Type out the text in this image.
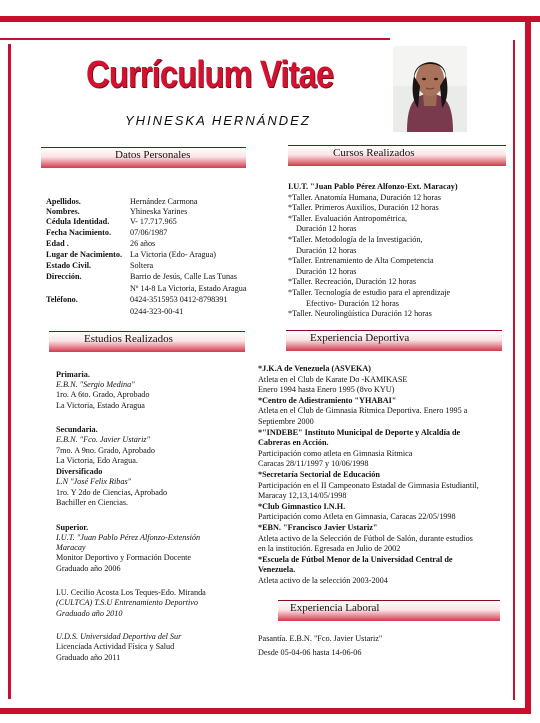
Currículum Vitae
YHINESKA HERNÁNDEZ
Datos Personales
Apellidos.	Hernández Carmona
Nombres.	Yhineska Yarines
Cédula Identidad.	V- 17.717.965
Fecha Nacimiento. 07/06/1987
Edad .	26 años
Lugar de Nacimiento. La Victoria (Edo- Aragua)
Estado Civil.	Soltera
Dirección.	Barrio de Jesús, Calle Las Tunas
Nº 14-8 La Victoria, Estado Aragua
Teléfono.	0424-3515953 0412-8798391
0244-323-00-41
Cursos Realizados
I.U.T. "Juan Pablo Pérez Alfonzo-Ext. Maracay)
*Taller. Anatomía Humana, Duración 12 horas
*Taller. Primeros Auxilios, Duración 12 horas
*Taller. Evaluación Antropométrica,
Duración 12 horas
*Taller. Metodología de la Investigación,
Duración 12 horas
*Taller. Entrenamiento de Alta Competencia
Duración 12 horas
*Taller. Recreación, Duración 12 horas
*Taller. Tecnología de estudio para el aprendizaje
Efectivo- Duración 12 horas
*Taller. Neurolingüística Duración 12 horas
Estudios Realizados
Primaria.
E.B.N. "Sergio Medina"
1ro. A 6to. Grado, Aprobado
La Victoria, Estado Aragua
Secundaria.
E.B.N. "Fco. Javier Ustariz"
7mo. A 9no. Grado, Aprobado
La Victoria, Edo Aragua.
Diversificado
L.N "José Felix Ribas"
1ro. Y 2do de Ciencias, Aprobado
Bachiller en Ciencias.
Superior.
I.U.T. "Juan Pablo Pérez Alfonzo-Extensión
Maracay
Monitor Deportivo y Formación Docente
Graduado año 2006
I.U. Cecilio Acosta Los Teques-Edo. Miranda
(CULTCA) T.S.U Entrenamiento Deportivo
Graduado año 2010
U.D.S. Universidad Deportiva del Sur
Licenciada Actividad Física y Salud
Graduado año 2011
Experiencia Deportiva
*J.K.A de Venezuela (ASVEKA)
Atleta en el Club de Karate Do -KAMIKASE
Enero 1994 hasta Enero 1995 (8vo KYU)
*Centro de Adiestramiento "YHABAI"
Atleta en el Club de Gimnasia Rítmica Deportiva. Enero 1995 a
Septiembre 2000
*"INDEBE" Instituto Municipal de Deporte y Alcaldía de
Cabreras en Acción.
Participación como atleta en Gimnasia Rítmica
Caracas 28/11/1997 y 10/06/1998
*Secretaría Sectorial de Educación
Participación en el II Campeonato Estadal de Gimnasia Estudiantil,
Maracay 12,13,14/05/1998
*Club Gimnastico I.N.H.
Participación como Atleta en Gimnasia, Caracas 22/05/1998
*EBN. "Francisco Javier Ustariz"
Atleta activo de la Selección de Fútbol de Salón, durante estudios
en la institución. Egresada en Julio de 2002
*Escuela de Fútbol Menor de la Universidad Central de
Venezuela.
Atleta activo de la selección 2003-2004
Experiencia Laboral
Pasantía. E.B.N. "Fco. Javier Ustariz"
Desde 05-04-06 hasta 14-06-06
